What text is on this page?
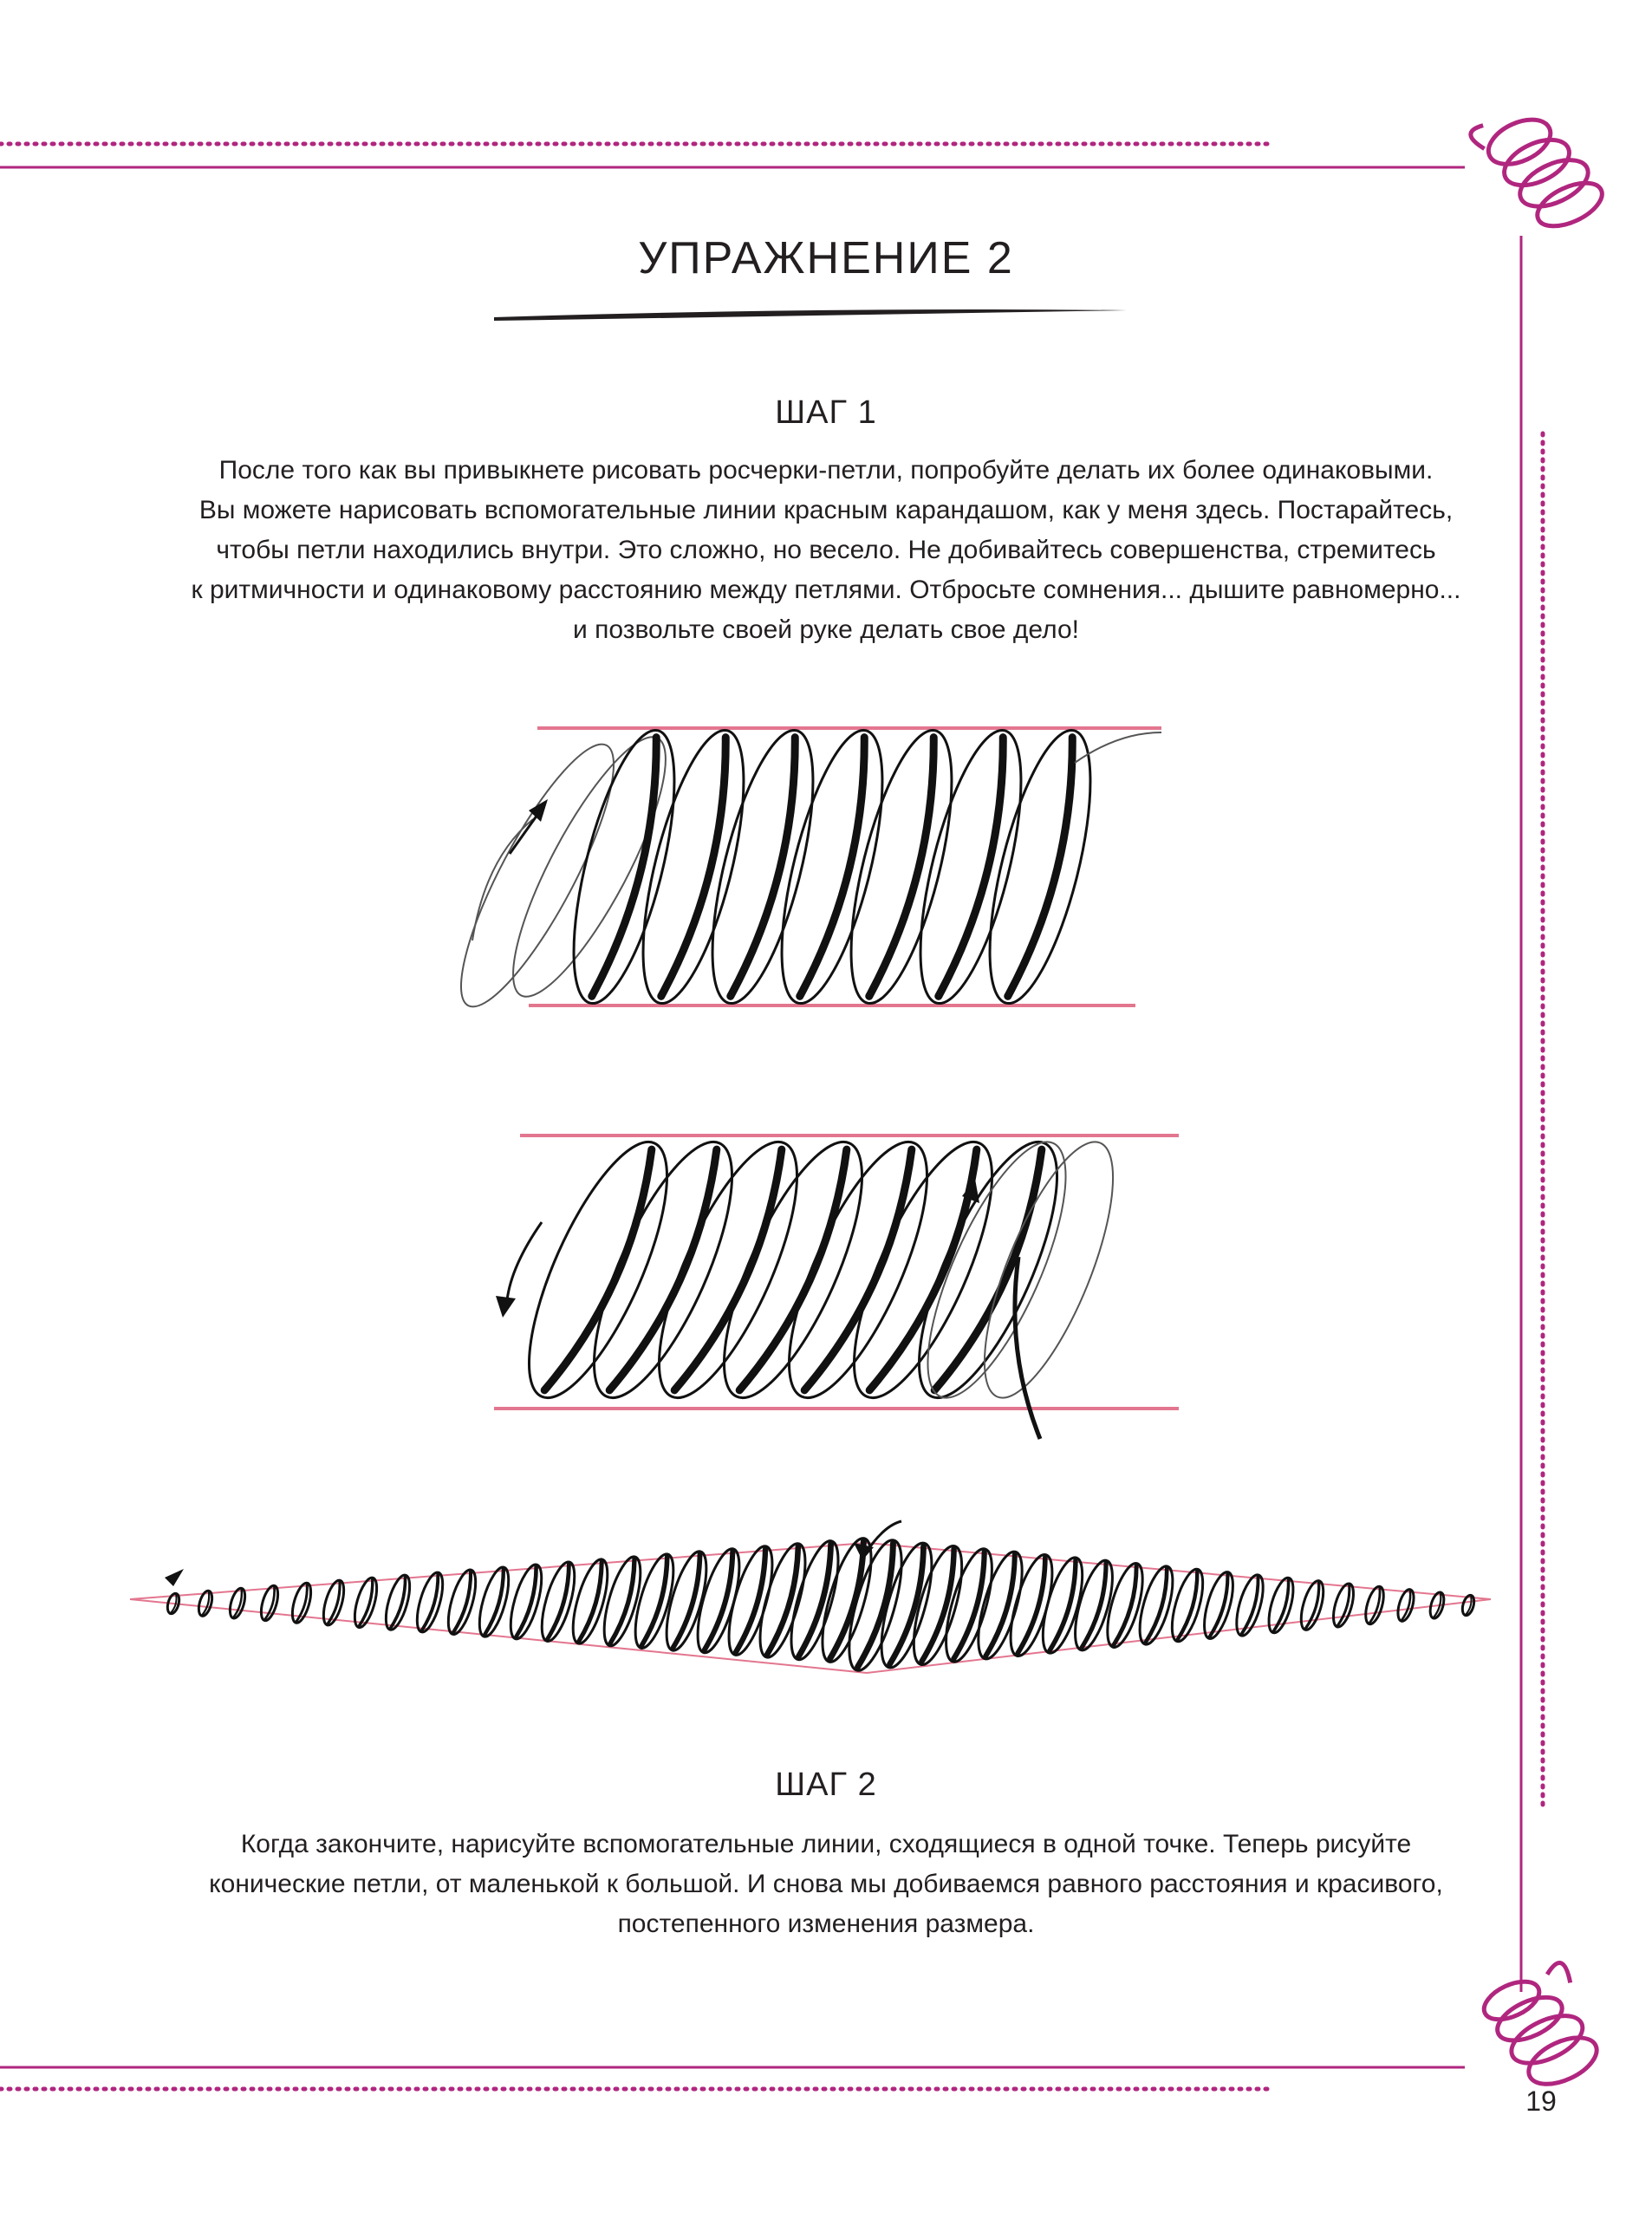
УПРАЖНЕНИЕ 2
ШАГ 1
После того как вы привыкнете рисовать росчерки-петли, попробуйте делать их более одинаковыми.
Вы можете нарисовать вспомогательные линии красным карандашом, как у меня здесь. Постарайтесь,
чтобы петли находились внутри. Это сложно, но весело. Не добивайтесь совершенства, стремитесь
к ритмичности и одинаковому расстоянию между петлями. Отбросьте сомнения... дышите равномерно...
и позвольте своей руке делать свое дело!
ШАГ 2
Когда закончите, нарисуйте вспомогательные линии, сходящиеся в одной точке. Теперь рисуйте
конические петли, от маленькой к большой. И снова мы добиваемся равного расстояния и красивого,
постепенного изменения размера.
19
